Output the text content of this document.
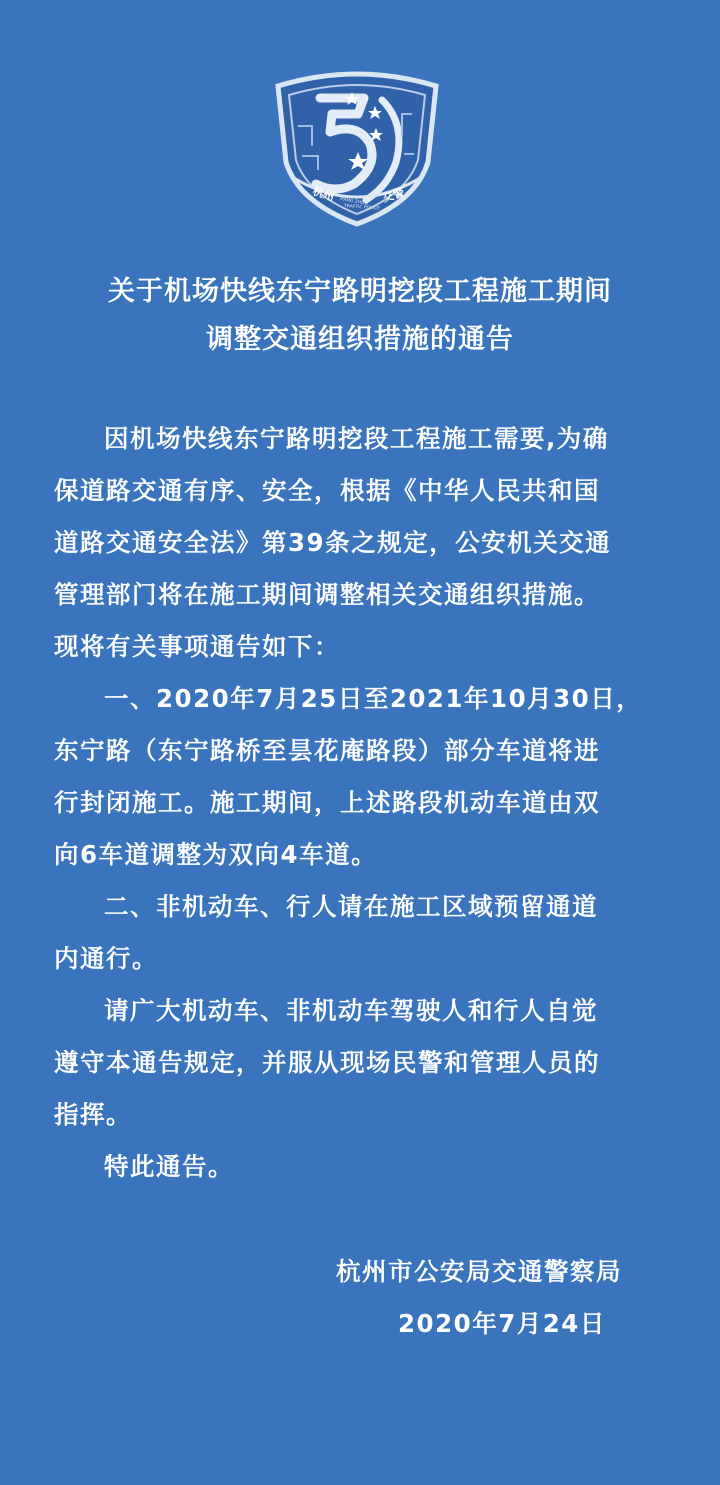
杭州	交警
HANG ZHOU
TRAFFIC POLICE
关于机场快线东宁路明挖段工程施工期间
调整交通组织措施的通告
因机场快线东宁路明挖段工程施工需要,为确
保道路交通有序、安全，根据《中华人民共和国
道路交通安全法》第39条之规定，公安机关交通
管理部门将在施工期间调整相关交通组织措施。
现将有关事项通告如下：
一、2020年7月25日至2021年10月30日，
东宁路（东宁路桥至昙花庵路段）部分车道将进
行封闭施工。施工期间，上述路段机动车道由双
向6车道调整为双向4车道。
二、非机动车、行人请在施工区域预留通道
内通行。
请广大机动车、非机动车驾驶人和行人自觉
遵守本通告规定，并服从现场民警和管理人员的
指挥。
特此通告。
杭州市公安局交通警察局
2020年7月24日
